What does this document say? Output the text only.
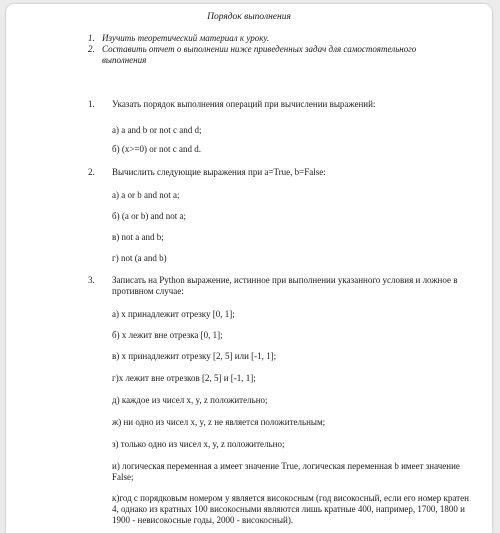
Порядок выполнения
1. Изучить теоретический материал к уроку.
2. Составить отчет о выполнении ниже приведенных задач для самостоятельного выполнения
1.	Указать порядок выполнения операций при вычислении выражений:
а) a and b or not c and d;
б) (x>=0) or not c and d.
2.	Вычислить следующие выражения при a=True, b=False:
а) a or b and not a;
б) (a or b) and not a;
в) not a and b;
г) not (a and b)
3.	Записать на Python выражение, истинное при выполнении указанного условия и ложное в противном случае:
а) x принадлежит отрезку [0, 1];
б) x лежит вне отрезка [0, 1];
в) x принадлежит отрезку [2, 5] или [-1, 1];
г)x лежит вне отрезков [2, 5] и [-1, 1];
д) каждое из чисел x, y, z положительно;
ж) ни одно из чисел x, y, z не является положительным;
з) только одно из чисел x, y, z положительно;
и) логическая переменная a имеет значение True, логическая переменная b имеет значение False;
к)год с порядковым номером y является високосным (год високосный, если его номер кратен 4, однако из кратных 100 високосными являются лишь кратные 400, например, 1700, 1800 и 1900 - невисокосные годы, 2000 - високосный).
